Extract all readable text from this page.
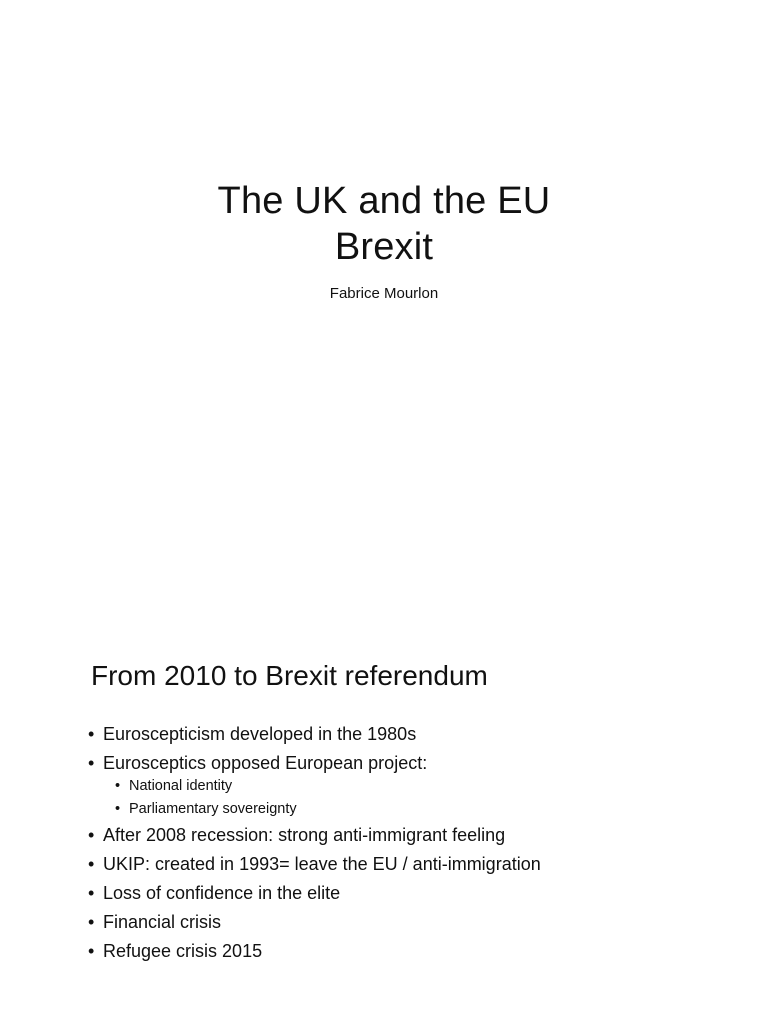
The UK and the EU
Brexit
Fabrice Mourlon
From 2010 to Brexit referendum
• Euroscepticism developed in the 1980s
• Eurosceptics opposed European project:
• National identity
• Parliamentary sovereignty
• After 2008 recession: strong anti-immigrant feeling
• UKIP: created in 1993= leave the EU / anti-immigration
• Loss of confidence in the elite
• Financial crisis
• Refugee crisis 2015
